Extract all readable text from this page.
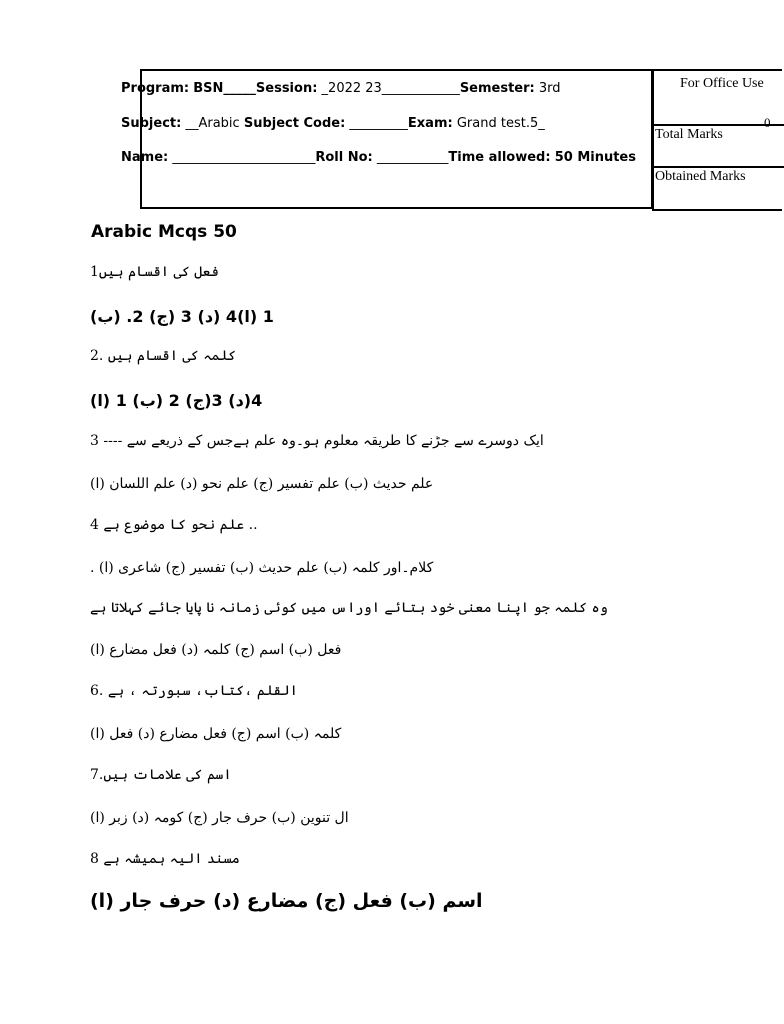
Program: BSN_____Session: _2022 23____________Semester: 3rd
Subject: __Arabic Subject Code: _________Exam: Grand test.5_
Name: ______________________Roll No: ___________Time allowed: 50 Minutes
For Office Use
Total Marks
0
Obtained Marks
Arabic Mcqs 50
فعل کی اقسام ہیں1
(ب) .1 (ا)4 (د) 3 (ج) 2
کلمہ کی اقسام ہیں .2
(ا) 4(د) 3(ج) 2 (ب) 1
ایک دوسرے سے جڑنے کا طریقہ معلوم ہو۔وہ علم ہےجس کے ذریعے سے ---- 3
علم حدیث (ب) علم تفسیر (ج) علم نحو (د) علم اللسان (ا)
4 علم نحو کا موضوع ہے ..
. کلام۔اور کلمہ (ب) علم حدیث (ب) تفسیر (ج) شاعری (ا)
وہ کلمہ جو اپنا معنی خود بتائے اوراس میں کوئی زمانہ نا پایا جائے کہلاتا ہے
فعل (ب) اسم (ج) کلمہ (د) فعل مضارع (ا)
القلم ،کتاب، سبورتہ ، ہے .6
کلمہ (ب) اسم (ج) فعل مضارع (د) فعل (ا)
اسم کی علامات ہیں.7
ال تنوین (ب) حرف جار (ج) کومہ (د) زبر (ا)
مسند الیہ ہمیشہ ہے 8
اسم (ب) فعل (ج) مضارع (د) حرف جار (ا)
